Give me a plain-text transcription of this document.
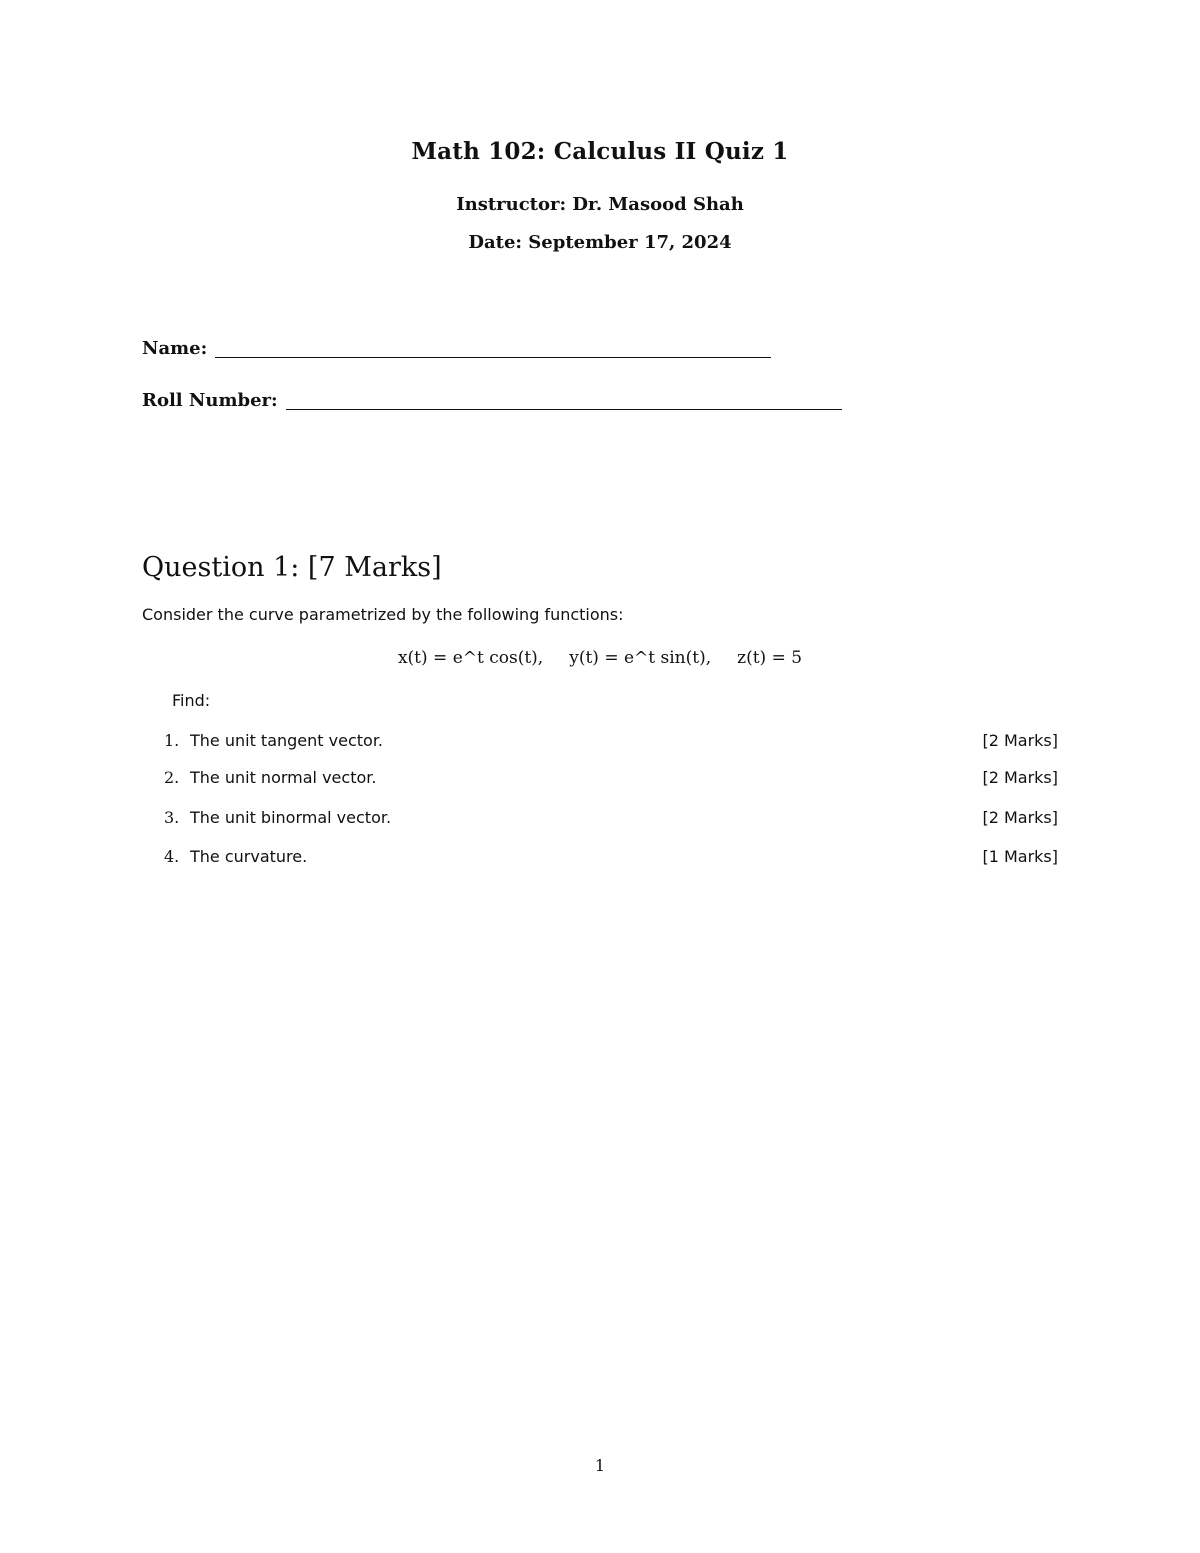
Math 102: Calculus II Quiz 1
Instructor: Dr. Masood Shah
Date: September 17, 2024
Name:
Roll Number:
Question 1: [7 Marks]
Consider the curve parametrized by the following functions:
x(t) = e^t cos(t), y(t) = e^t sin(t), z(t) = 5
Find:
1. The unit tangent vector.	[2 Marks]
2. The unit normal vector.	[2 Marks]
3. The unit binormal vector.	[2 Marks]
4. The curvature.	[1 Marks]
1
